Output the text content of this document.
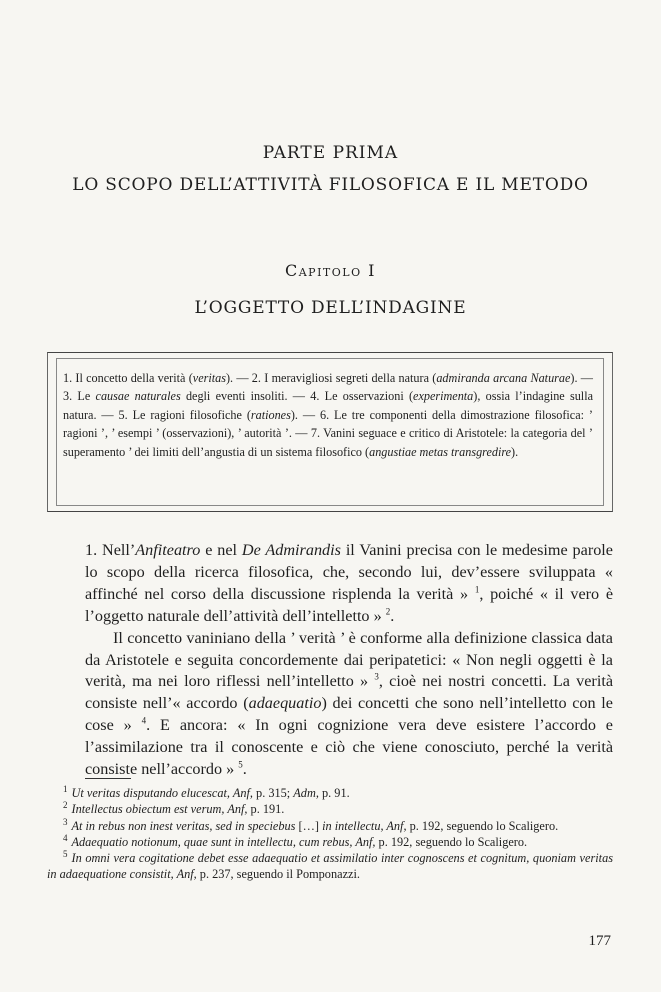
PARTE PRIMA
LO SCOPO DELL’ATTIVITÀ FILOSOFICA E IL METODO
Capitolo I
L’OGGETTO DELL’INDAGINE

1. Il concetto della verità (veritas). — 2. I meravigliosi segreti della natura (admiranda arcana Naturae). — 3. Le causae naturales degli eventi insoliti. — 4. Le osservazioni (experimenta), ossia l’indagine sulla natura. — 5. Le ragioni filosofiche (rationes). — 6. Le tre componenti della dimostrazione filosofica: ’ ragioni ’, ’ esempi ’ (osservazioni), ’ autorità ’. — 7. Vanini seguace e critico di Aristotele: la categoria del ’ superamento ’ dei limiti dell’angustia di un sistema filosofico (angustiae metas transgredire).

1. Nell’Anfiteatro e nel De Admirandis il Vanini precisa con le medesime parole lo scopo della ricerca filosofica, che, secondo lui, dev’essere sviluppata « affinché nel corso della discussione risplenda la verità » $^1$, poiché « il vero è l’oggetto naturale dell’attività dell’intelletto » $^2$.

Il concetto vaniniano della ’ verità ’ è conforme alla definizione classica data da Aristotele e seguita concordemente dai peripatetici: « Non negli oggetti è la verità, ma nei loro riflessi nell’intelletto » $^3$, cioè nei nostri concetti. La verità consiste nell’« accordo (adaequatio) dei concetti che sono nell’intelletto con le cose » $^4$. E ancora: « In ogni cognizione vera deve esistere l’accordo e l’assimilazione tra il conoscente e ciò che viene conosciuto, perché la verità consiste nell’accordo » $^5$.

$^1$ Ut veritas disputando elucescat, Anf, p. 315; Adm, p. 91.

$^2$ Intellectus obiectum est verum, Anf, p. 191.

$^3$ At in rebus non inest veritas, sed in speciebus […] in intellectu, Anf, p. 192, seguendo lo Scaligero.

$^4$ Adaequatio notionum, quae sunt in intellectu, cum rebus, Anf, p. 192, seguendo lo Scaligero.

$^5$ In omni vera cogitatione debet esse adaequatio et assimilatio inter cognoscens et cognitum, quoniam veritas in adaequatione consistit, Anf, p. 237, seguendo il Pomponazzi.

177
